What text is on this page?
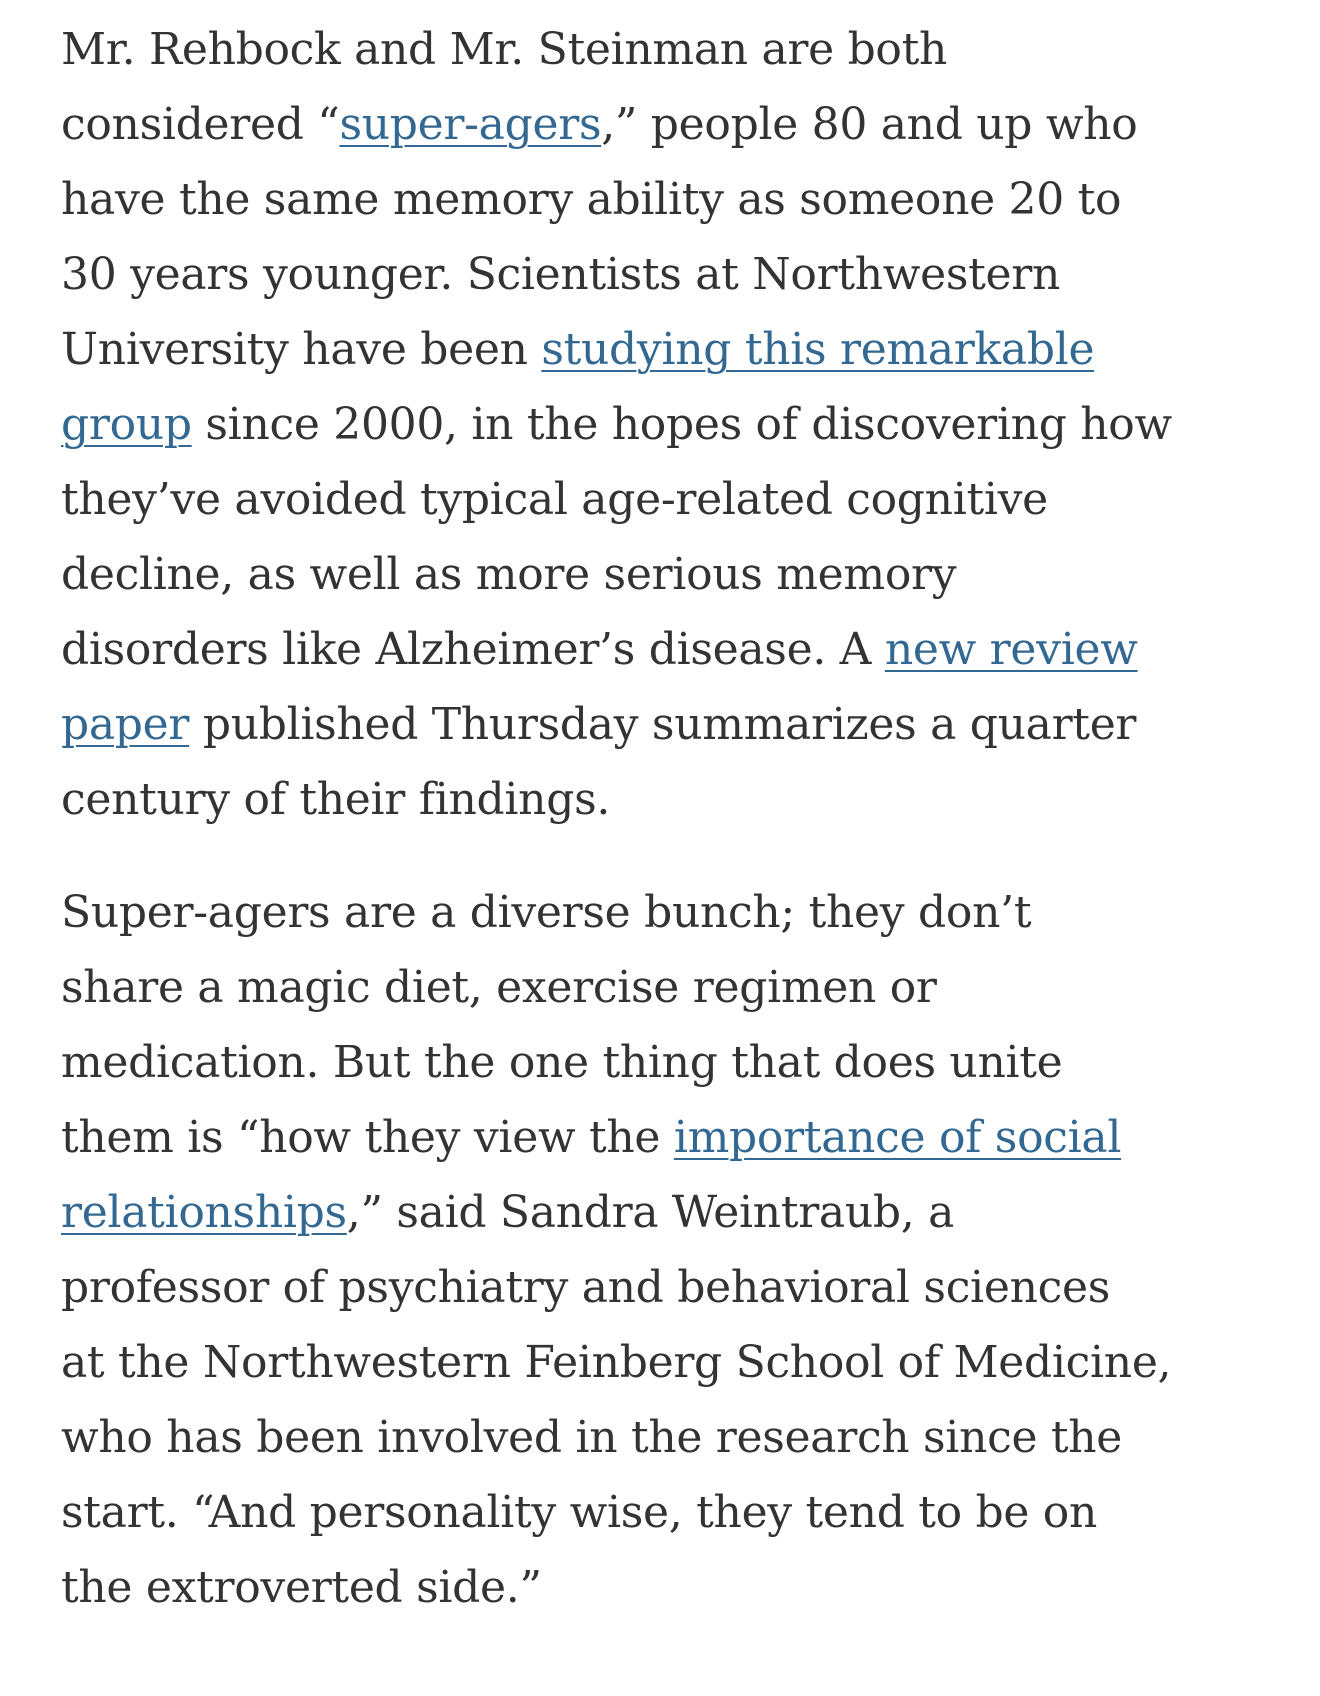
Mr. Rehbock and Mr. Steinman are both
considered “super-agers,” people 80 and up who
have the same memory ability as someone 20 to
30 years younger. Scientists at Northwestern
University have been studying this remarkable
group since 2000, in the hopes of discovering how
they’ve avoided typical age-related cognitive
decline, as well as more serious memory
disorders like Alzheimer’s disease. A new review
paper published Thursday summarizes a quarter
century of their findings.

Super-agers are a diverse bunch; they don’t
share a magic diet, exercise regimen or
medication. But the one thing that does unite
them is “how they view the importance of social
relationships,” said Sandra Weintraub, a
professor of psychiatry and behavioral sciences
at the Northwestern Feinberg School of Medicine,
who has been involved in the research since the
start. “And personality wise, they tend to be on
the extroverted side.”
